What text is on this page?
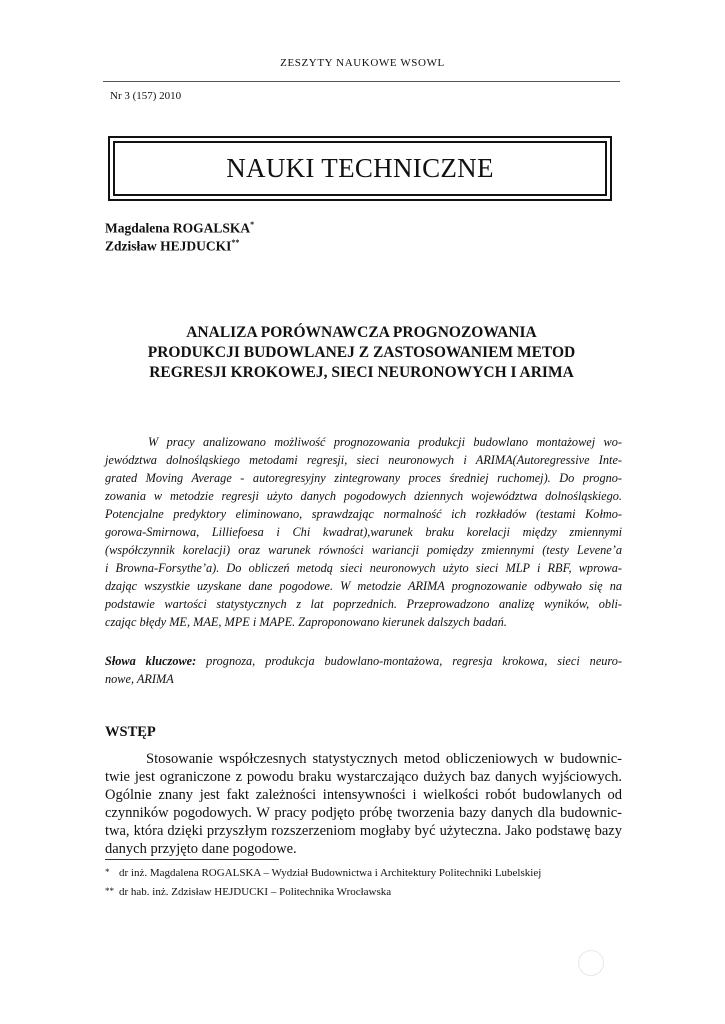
ZESZYTY NAUKOWE WSOWL
Nr 3 (157) 2010
NAUKI TECHNICZNE
Magdalena ROGALSKA*
Zdzisław HEJDUCKI**
ANALIZA PORÓWNAWCZA PROGNOZOWANIA
PRODUKCJI BUDOWLANEJ Z ZASTOSOWANIEM METOD
REGRESJI KROKOWEJ, SIECI NEURONOWYCH I ARIMA
W pracy analizowano możliwość prognozowania produkcji budowlano montażowej wo-
jewództwa dolnośląskiego metodami regresji, sieci neuronowych i ARIMA(Autoregressive Inte-
grated Moving Average - autoregresyjny zintegrowany proces średniej ruchomej). Do progno-
zowania w metodzie regresji użyto danych pogodowych dziennych województwa dolnośląskiego.
Potencjalne predyktory eliminowano, sprawdzając normalność ich rozkładów (testami Kołmo-
gorowa-Smirnowa, Lilliefoesa i Chi kwadrat),warunek braku korelacji między zmiennymi
(współczynnik korelacji) oraz warunek równości wariancji pomiędzy zmiennymi (testy Levene’a
i Browna-Forsythe’a). Do obliczeń metodą sieci neuronowych użyto sieci MLP i RBF, wprowa-
dzając wszystkie uzyskane dane pogodowe. W metodzie ARIMA prognozowanie odbywało się na
podstawie wartości statystycznych z lat poprzednich. Przeprowadzono analizę wyników, obli-
czając błędy ME, MAE, MPE i MAPE. Zaproponowano kierunek dalszych badań.
Słowa kluczowe: prognoza, produkcja budowlano-montażowa, regresja krokowa, sieci neuro-
nowe, ARIMA
WSTĘP
Stosowanie współczesnych statystycznych metod obliczeniowych w budownic-
twie jest ograniczone z powodu braku wystarczająco dużych baz danych wyjściowych.
Ogólnie znany jest fakt zależności intensywności i wielkości robót budowlanych od
czynników pogodowych. W pracy podjęto próbę tworzenia bazy danych dla budownic-
twa, która dzięki przyszłym rozszerzeniom mogłaby być użyteczna. Jako podstawę bazy
danych przyjęto dane pogodowe.
* dr inż. Magdalena ROGALSKA – Wydział Budownictwa i Architektury Politechniki Lubelskiej
** dr hab. inż. Zdzisław HEJDUCKI – Politechnika Wrocławska
